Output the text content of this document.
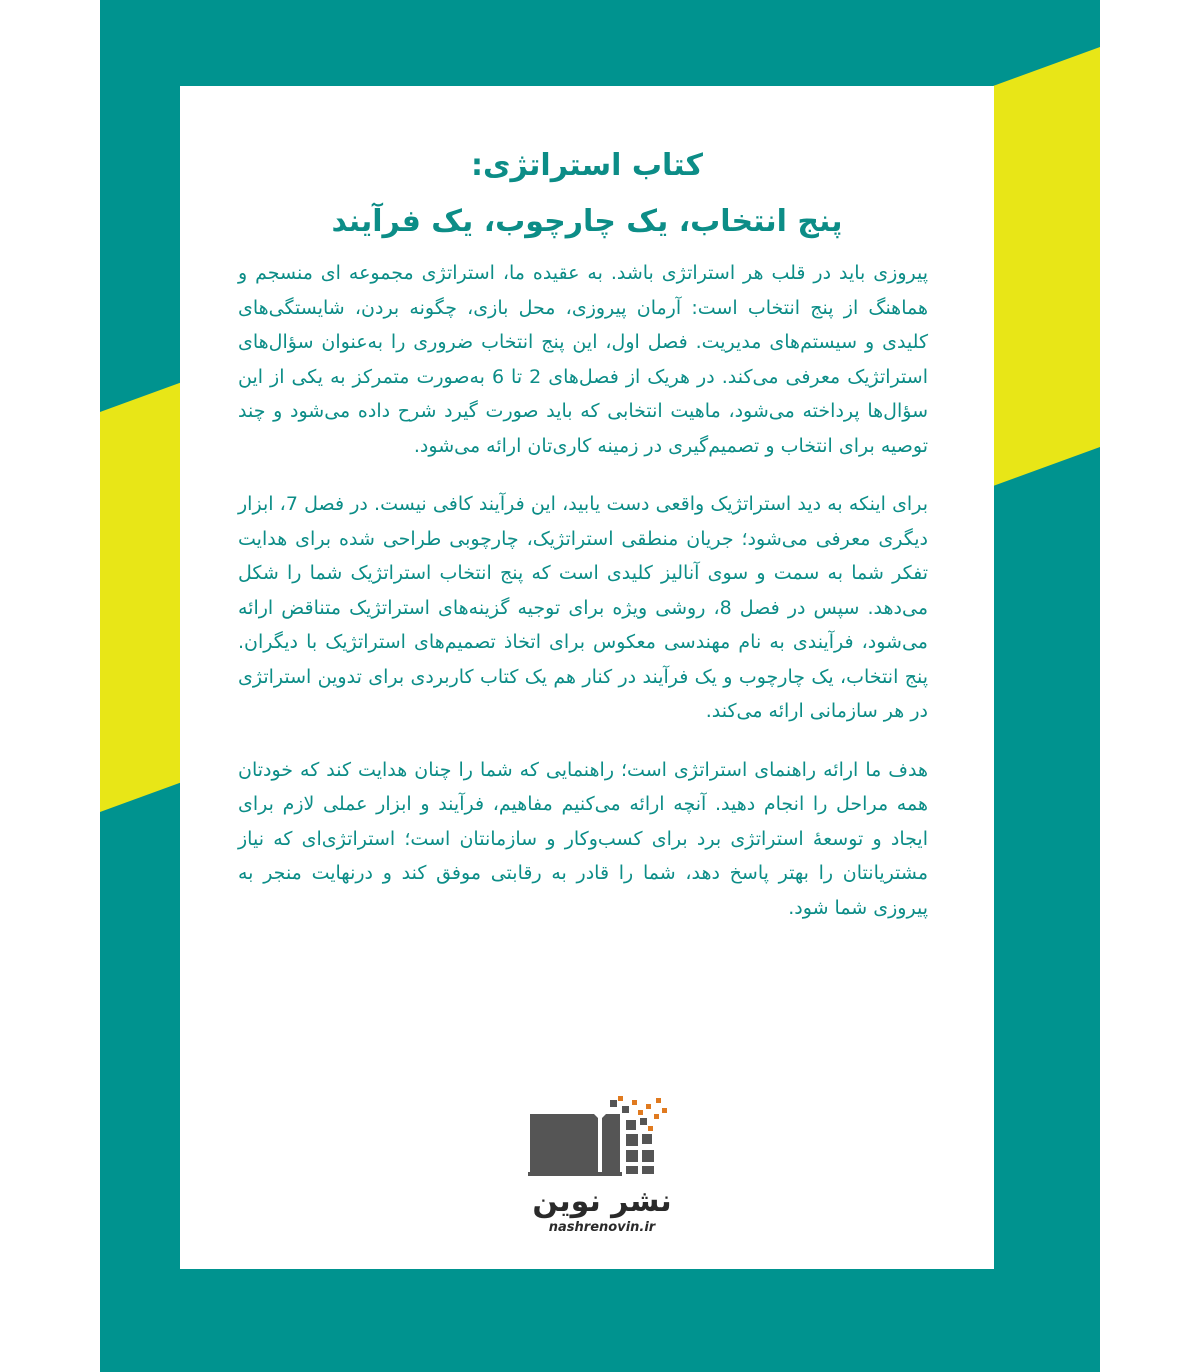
کتاب استراتژی:
پنج انتخاب، یک چارچوب، یک فرآیند

پیروزی باید در قلب هر استراتژی باشد. به عقیده ما، استراتژی مجموعه ای منسجم و هماهنگ از پنج انتخاب است: آرمان پیروزی، محل بازی، چگونه بردن، شایستگی‌های کلیدی و سیستم‌های مدیریت. فصل اول، این پنج انتخاب ضروری را به‌عنوان سؤال‌های استراتژیک معرفی می‌کند. در هریک از فصل‌های 2 تا 6 به‌صورت متمرکز به یکی از این سؤال‌ها پرداخته می‌شود، ماهیت انتخابی که باید صورت گیرد شرح داده می‌شود و چند توصیه برای انتخاب و تصمیم‌گیری در زمینه کاری‌تان ارائه می‌شود.

برای اینکه به دید استراتژیک واقعی دست یابید، این فرآیند کافی نیست. در فصل 7، ابزار دیگری معرفی می‌شود؛ جریان منطقی استراتژیک، چارچوبی طراحی شده برای هدایت تفکر شما به سمت و سوی آنالیز کلیدی است که پنج انتخاب استراتژیک شما را شکل می‌دهد. سپس در فصل 8، روشی ویژه برای توجیه گزینه‌های استراتژیک متناقض ارائه می‌شود، فرآیندی به نام مهندسی معکوس برای اتخاذ تصمیم‌های استراتژیک با دیگران. پنج انتخاب، یک چارچوب و یک فرآیند در کنار هم یک کتاب کاربردی برای تدوین استراتژی در هر سازمانی ارائه می‌کند.

هدف ما ارائه راهنمای استراتژی است؛ راهنمایی که شما را چنان هدایت کند که خودتان همه مراحل را انجام دهید. آنچه ارائه می‌کنیم مفاهیم، فرآیند و ابزار عملی لازم برای ایجاد و توسعهٔ استراتژی برد برای کسب‌وکار و سازمانتان است؛ استراتژی‌ای که نیاز مشتریانتان را بهتر پاسخ دهد، شما را قادر به رقابتی موفق کند و درنهایت منجر به پیروزی شما شود.

نشر نوین
nashrenovin.ir
